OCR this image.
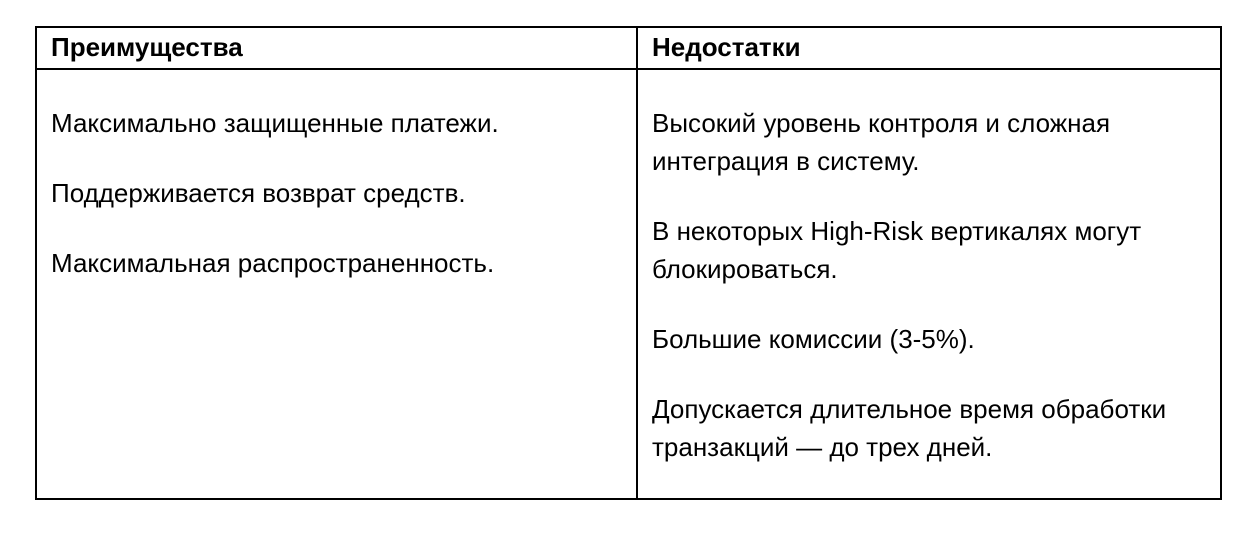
Преимущества	Недостатки

Максимально защищенные платежи.

Поддерживается возврат средств.

Максимальная распространенность.

Высокий уровень контроля и сложная интеграция в систему.

В некоторых High-Risk вертикалях могут блокироваться.

Большие комиссии (3-5%).

Допускается длительное время обработки транзакций — до трех дней.
